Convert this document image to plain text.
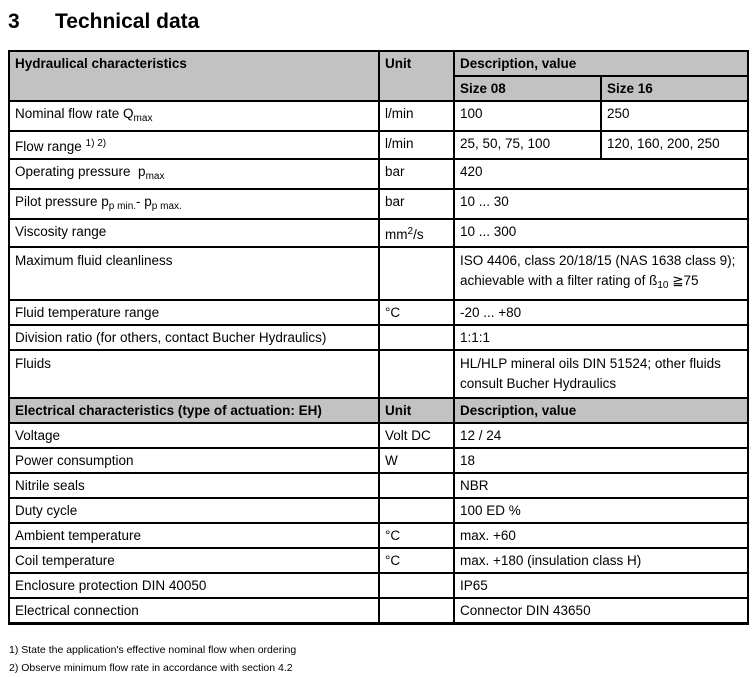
3	Technical data
Hydraulical characteristics	Unit	Description, value	
		Size 08	Size 16
Nominal flow rate $Q_{max}$	l/min	100	250
Flow range $^{1) 2)}$	l/min	25, 50, 75, 100	120, 160, 200, 250
Operating pressure  $p_{max}$	bar	420	
Pilot pressure $p_{p min.}-$ $p_{p max.}$	bar	10 ... 30	
Viscosity range	$mm^2/s$	10 ... 300	
Maximum fluid cleanliness		ISO 4406, class 20/18/15 (NAS 1638 class 9); achievable with a filter rating of $ß_{10}$ ≧75	
Fluid temperature range	°C	-20 ... +80	
Division ratio (for others, contact Bucher Hydraulics)		1:1:1	
Fluids		HL/HLP mineral oils DIN 51524; other fluids consult Bucher Hydraulics	
Electrical characteristics (type of actuation: EH)	Unit	Description, value	
Voltage	Volt DC	12 / 24	
Power consumption	W	18	
Nitrile seals		NBR	
Duty cycle		100 ED %	
Ambient temperature	°C	max. +60	
Coil temperature	°C	max. +180 (insulation class H)	
Enclosure protection DIN 40050		IP65	
Electrical connection		Connector DIN 43650	
1) State the application's effective nominal flow when ordering
2) Observe minimum flow rate in accordance with section 4.2
